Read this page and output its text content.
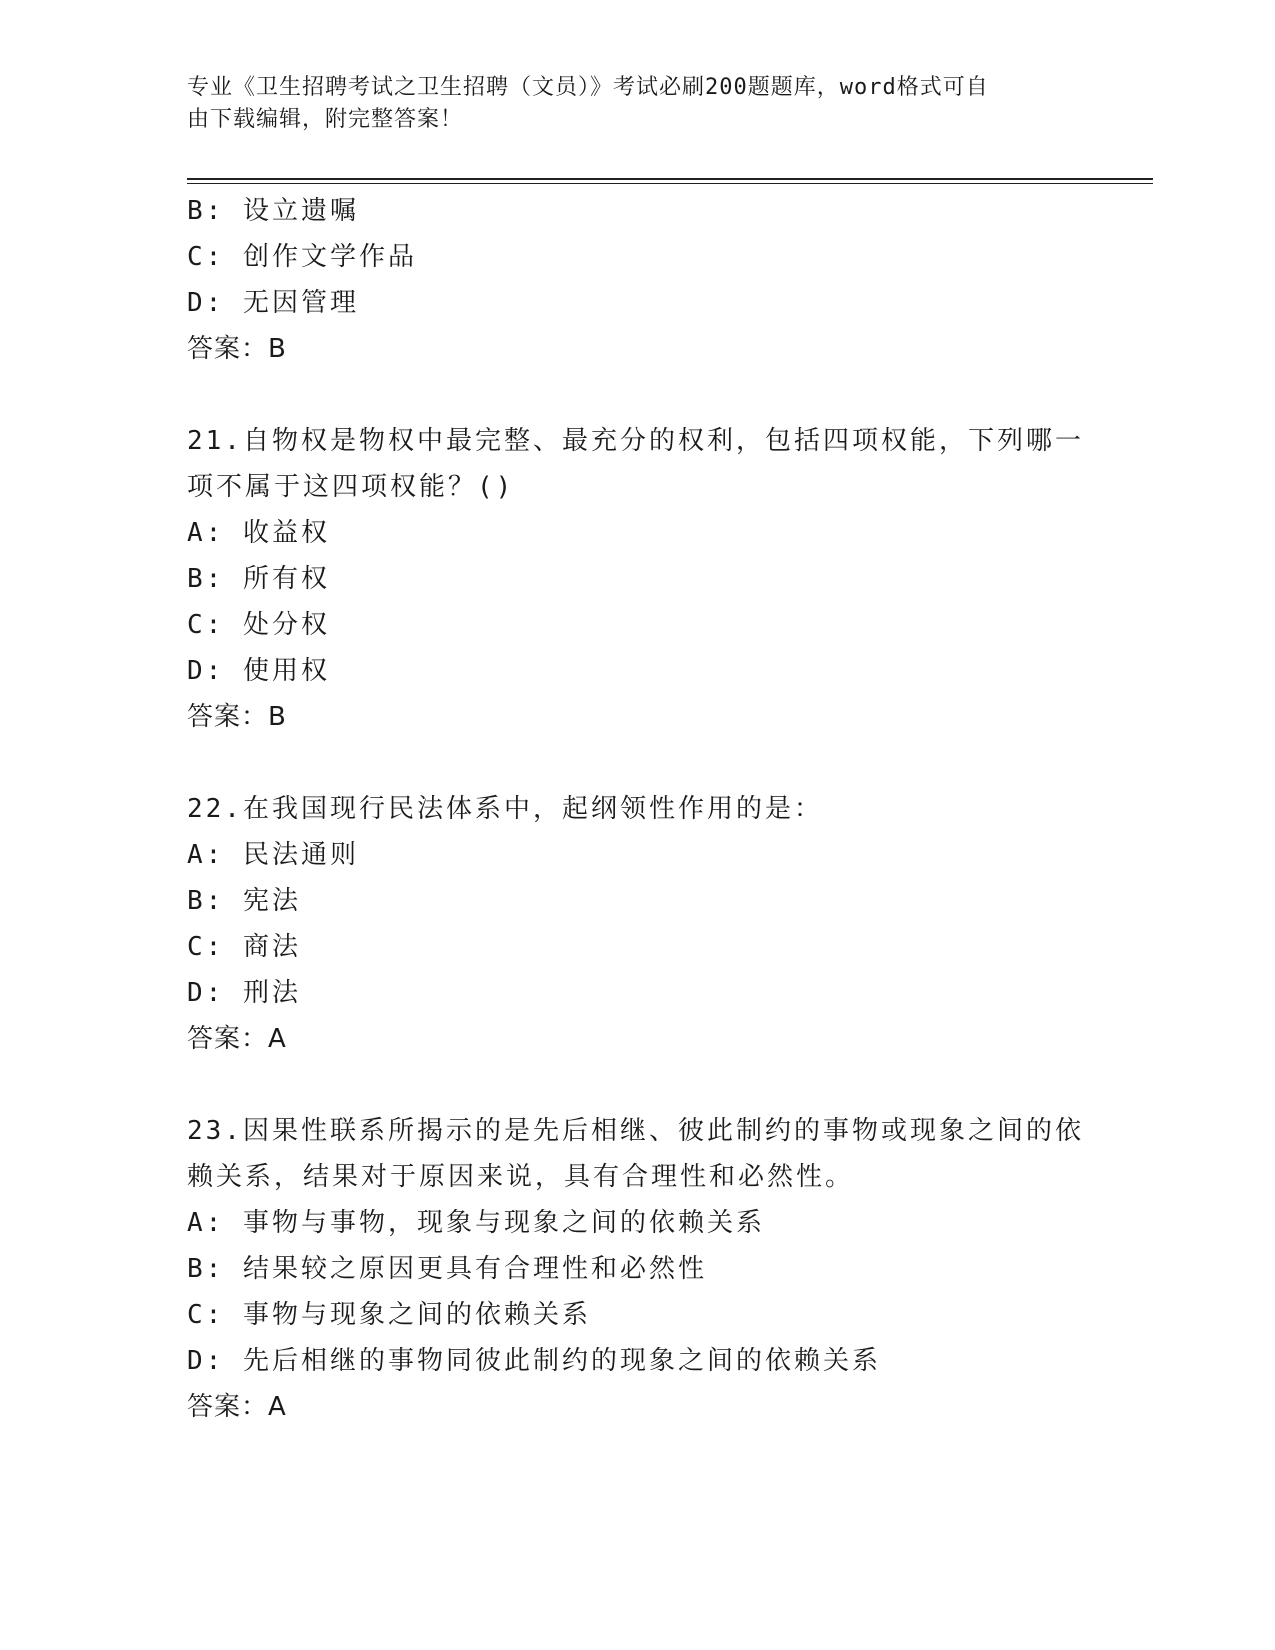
专业《卫生招聘考试之卫生招聘（文员）》考试必刷200题题库，word格式可自
由下载编辑，附完整答案！
B: 设立遗嘱
C: 创作文学作品
D: 无因管理
答案：B
21.自物权是物权中最完整、最充分的权利，包括四项权能，下列哪一
项不属于这四项权能？()
A: 收益权
B: 所有权
C: 处分权
D: 使用权
答案：B
22.在我国现行民法体系中，起纲领性作用的是：
A: 民法通则
B: 宪法
C: 商法
D: 刑法
答案：A
23.因果性联系所揭示的是先后相继、彼此制约的事物或现象之间的依
赖关系，结果对于原因来说，具有合理性和必然性。
A: 事物与事物，现象与现象之间的依赖关系
B: 结果较之原因更具有合理性和必然性
C: 事物与现象之间的依赖关系
D: 先后相继的事物同彼此制约的现象之间的依赖关系
答案：A
